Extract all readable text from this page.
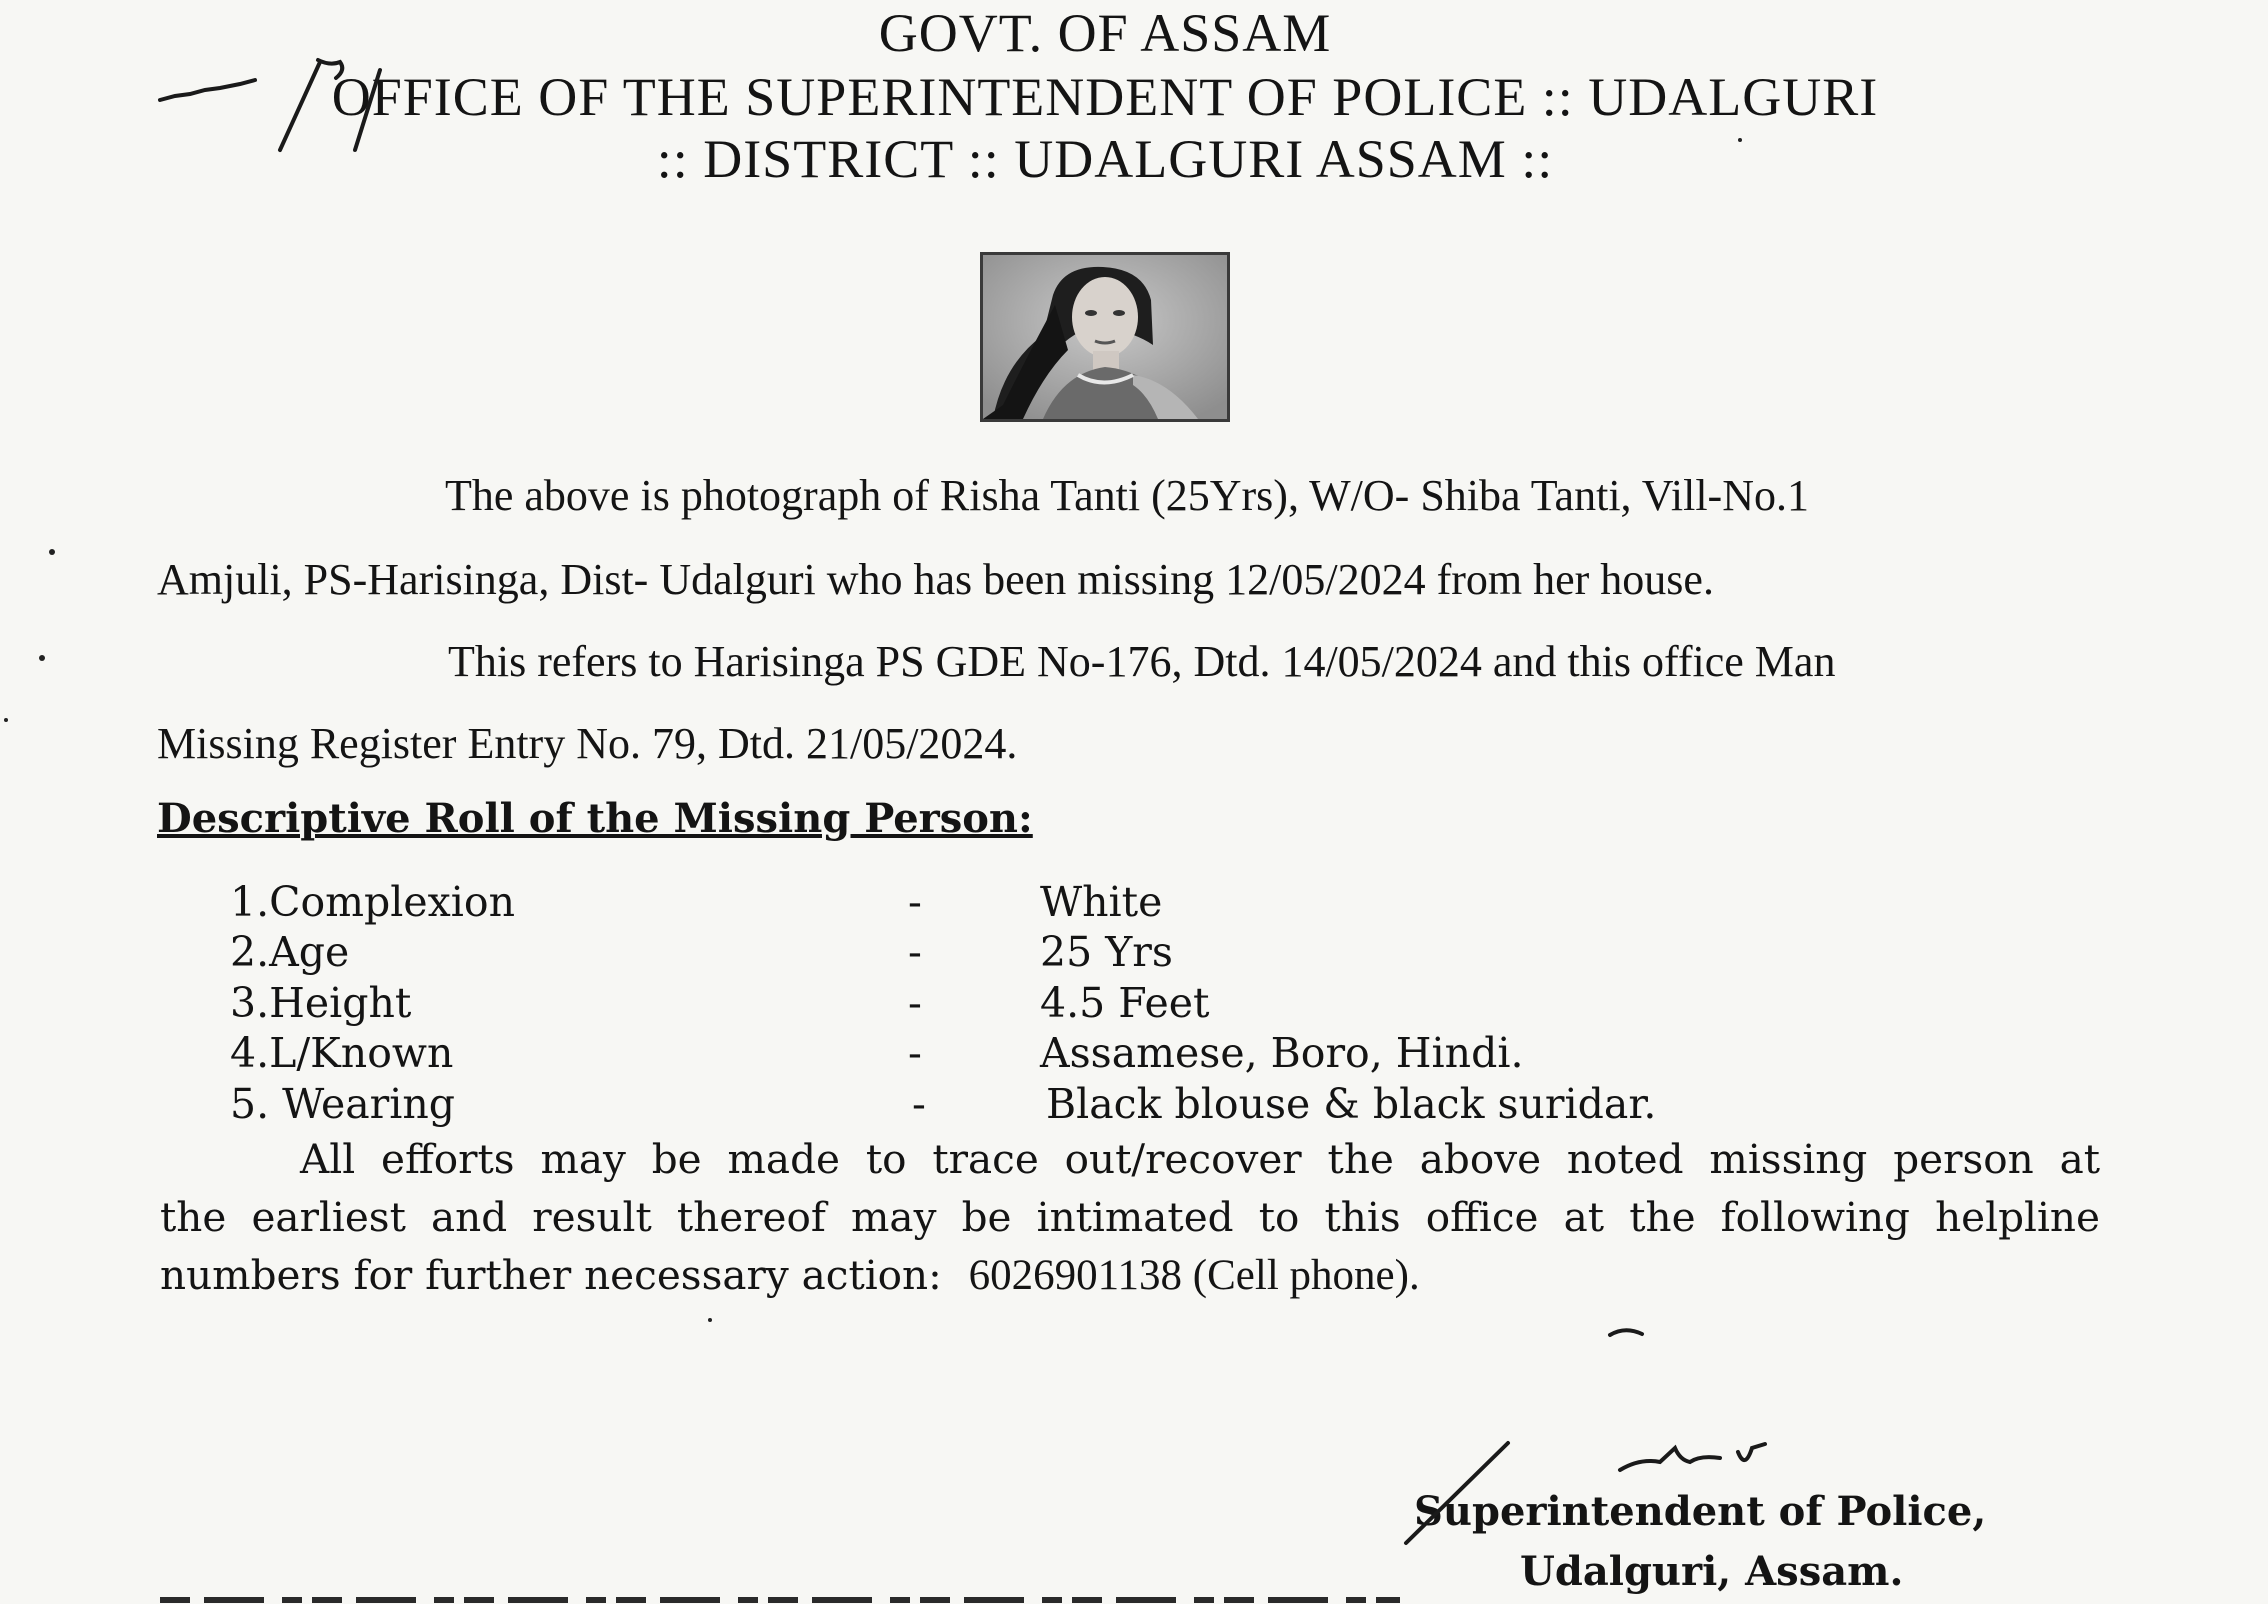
GOVT. OF ASSAM
OFFICE OF THE SUPERINTENDENT OF POLICE :: UDALGURI
:: DISTRICT :: UDALGURI ASSAM ::
The above is photograph of Risha Tanti (25Yrs), W/O- Shiba Tanti, Vill-No.1
Amjuli, PS-Harisinga, Dist- Udalguri who has been missing 12/05/2024 from her house.
This refers to Harisinga PS GDE No-176, Dtd. 14/05/2024 and this office Man
Missing Register Entry No. 79, Dtd. 21/05/2024.
Descriptive Roll of the Missing Person:
1.Complexion	-	White
2.Age	-	25 Yrs
3.Height	-	4.5 Feet
4.L/Known	-	Assamese, Boro, Hindi.
5. Wearing	-	Black blouse & black suridar.
All efforts may be made to trace out/recover the above noted missing person at
the earliest and result thereof may be intimated to this office at the following helpline
numbers for further necessary action: 6026901138 (Cell phone).
Superintendent of Police,
Udalguri, Assam.
